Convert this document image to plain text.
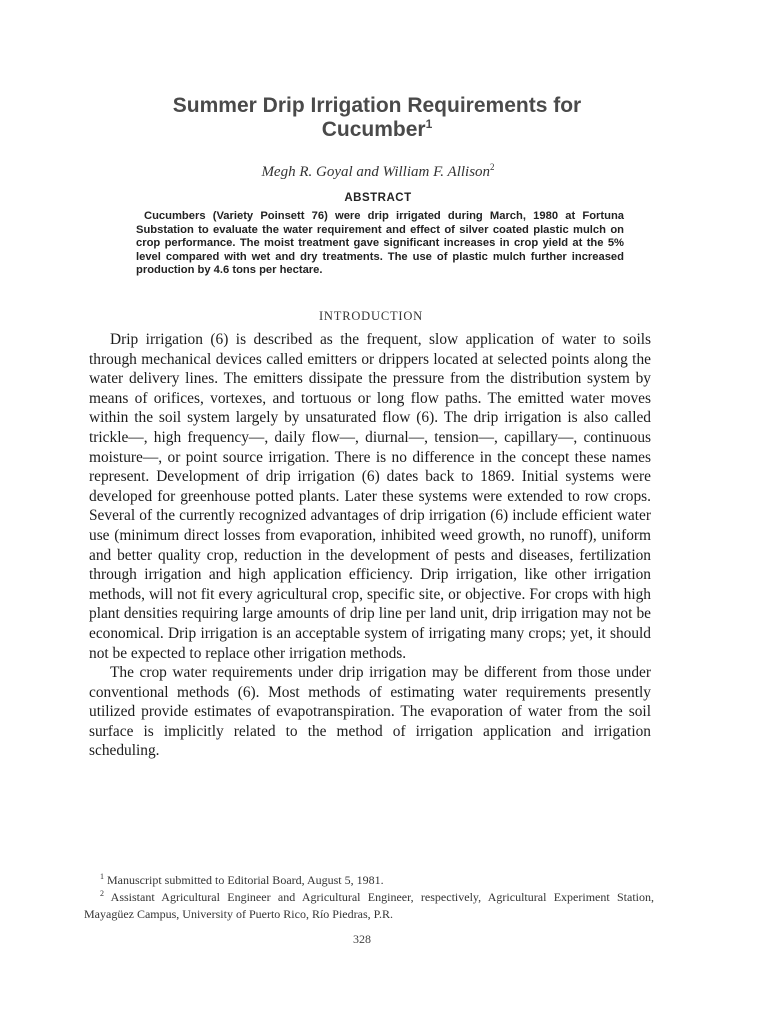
Summer Drip Irrigation Requirements for
Cucumber$^1$
Megh R. Goyal and William F. Allison$^2$
ABSTRACT
Cucumbers (Variety Poinsett 76) were drip irrigated during March, 1980 at Fortuna Substation to evaluate the water requirement and effect of silver coated plastic mulch on crop performance. The moist treatment gave significant increases in crop yield at the 5% level compared with wet and dry treatments. The use of plastic mulch further increased production by 4.6 tons per hectare.
INTRODUCTION

Drip irrigation (6) is described as the frequent, slow application of water to soils through mechanical devices called emitters or drippers located at selected points along the water delivery lines. The emitters dissipate the pressure from the distribution system by means of orifices, vortexes, and tortuous or long flow paths. The emitted water moves within the soil system largely by unsaturated flow (6). The drip irrigation is also called trickle—, high frequency—, daily flow—, diurnal—, tension—, capillary—, continuous moisture—, or point source irrigation. There is no difference in the concept these names represent. Development of drip irrigation (6) dates back to 1869. Initial systems were developed for greenhouse potted plants. Later these systems were extended to row crops. Several of the currently recognized advantages of drip irrigation (6) include efficient water use (minimum direct losses from evaporation, inhibited weed growth, no runoff), uniform and better quality crop, reduction in the development of pests and diseases, fertilization through irrigation and high application efficiency. Drip irrigation, like other irrigation methods, will not fit every agricultural crop, specific site, or objective. For crops with high plant densities requiring large amounts of drip line per land unit, drip irrigation may not be economical. Drip irrigation is an acceptable system of irrigating many crops; yet, it should not be expected to replace other irrigation methods.

The crop water requirements under drip irrigation may be different from those under conventional methods (6). Most methods of estimating water requirements presently utilized provide estimates of evapotranspiration. The evaporation of water from the soil surface is implicitly related to the method of irrigation application and irrigation scheduling.

$^1$ Manuscript submitted to Editorial Board, August 5, 1981.

$^2$ Assistant Agricultural Engineer and Agricultural Engineer, respectively, Agricultural Experiment Station, Mayagüez Campus, University of Puerto Rico, Río Piedras, P.R.

328
